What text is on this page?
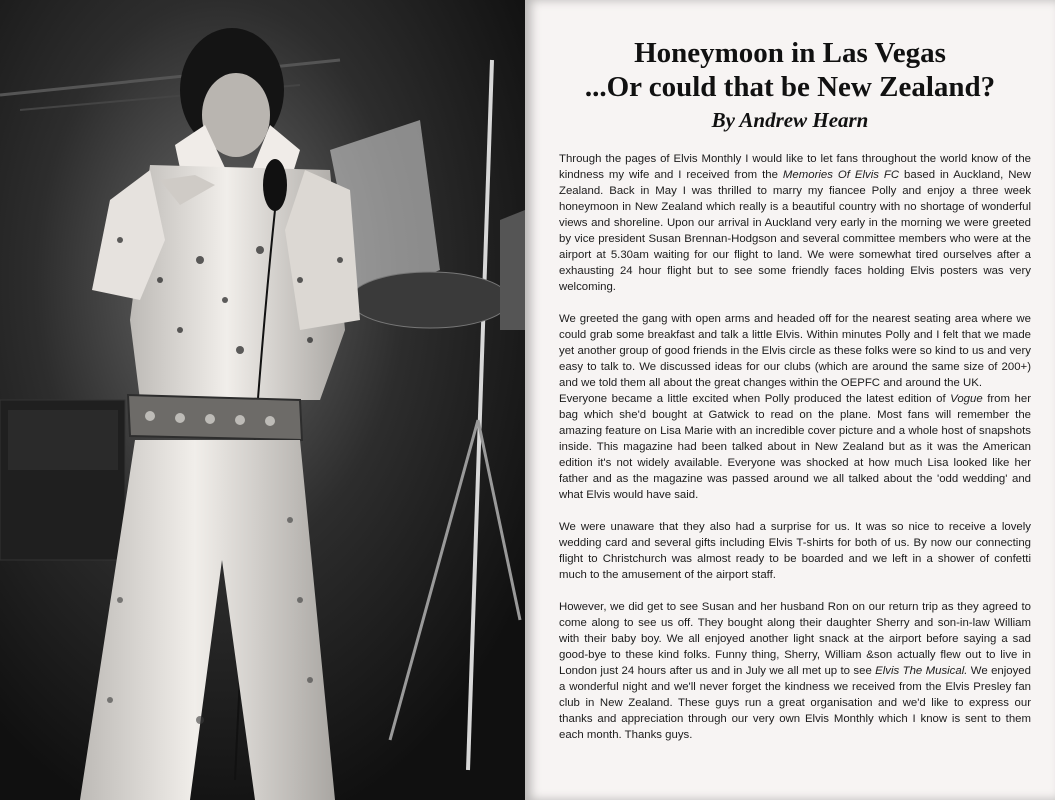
Honeymoon in Las Vegas
...Or could that be New Zealand?
By Andrew Hearn

Through the pages of Elvis Monthly I would like to let fans throughout the world know of the kindness my wife and I received from the Memories Of Elvis FC based in Auckland, New Zealand. Back in May I was thrilled to marry my fiancee Polly and enjoy a three week honeymoon in New Zealand which really is a beautiful country with no shortage of wonderful views and shoreline. Upon our arrival in Auckland very early in the morning we were greeted by vice president Susan Brennan-Hodgson and several committee members who were at the airport at 5.30am waiting for our flight to land. We were somewhat tired ourselves after a exhausting 24 hour flight but to see some friendly faces holding Elvis posters was very welcoming.

We greeted the gang with open arms and headed off for the nearest seating area where we could grab some breakfast and talk a little Elvis. Within minutes Polly and I felt that we made yet another group of good friends in the Elvis circle as these folks were so kind to us and very easy to talk to. We discussed ideas for our clubs (which are around the same size of 200+) and we told them all about the great changes within the OEPFC and around the UK.

Everyone became a little excited when Polly produced the latest edition of Vogue from her bag which she'd bought at Gatwick to read on the plane. Most fans will remember the amazing feature on Lisa Marie with an incredible cover picture and a whole host of snapshots inside. This magazine had been talked about in New Zealand but as it was the American edition it's not widely available. Everyone was shocked at how much Lisa looked like her father and as the magazine was passed around we all talked about the 'odd wedding' and what Elvis would have said.

We were unaware that they also had a surprise for us. It was so nice to receive a lovely wedding card and several gifts including Elvis T-shirts for both of us. By now our connecting flight to Christchurch was almost ready to be boarded and we left in a shower of confetti much to the amusement of the airport staff.

However, we did get to see Susan and her husband Ron on our return trip as they agreed to come along to see us off. They bought along their daughter Sherry and son-in-law William with their baby boy. We all enjoyed another light snack at the airport before saying a sad good-bye to these kind folks. Funny thing, Sherry, William &son actually flew out to live in London just 24 hours after us and in July we all met up to see Elvis The Musical. We enjoyed a wonderful night and we'll never forget the kindness we received from the Elvis Presley fan club in New Zealand. These guys run a great organisation and we'd like to express our thanks and appreciation through our very own Elvis Monthly which I know is sent to them each month. Thanks guys.
